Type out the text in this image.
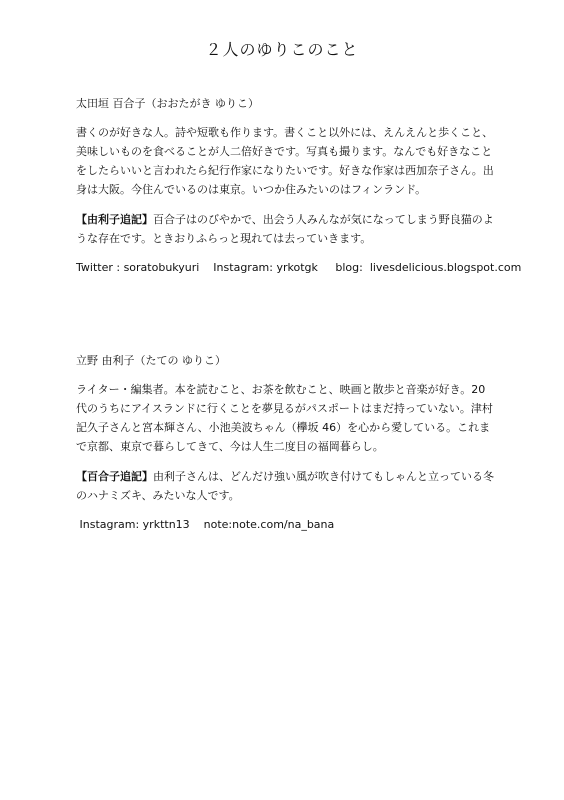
２人のゆりこのこと
太田垣 百合子（おおたがき ゆりこ）
書くのが好きな人。詩や短歌も作ります。書くこと以外には、えんえんと歩くこと、美味しいものを食べることが人二倍好きです。写真も撮ります。なんでも好きなことをしたらいいと言われたら紀行作家になりたいです。好きな作家は西加奈子さん。出身は大阪。今住んでいるのは東京。いつか住みたいのはフィンランド。
【由利子追記】百合子はのびやかで、出会う人みんなが気になってしまう野良猫のような存在です。ときおりふらっと現れては去っていきます。
Twitter : soratobukyuri    Instagram: yrkotgk     blog:  livesdelicious.blogspot.com
立野 由利子（たての ゆりこ）
ライター・編集者。本を読むこと、お茶を飲むこと、映画と散歩と音楽が好き。20 代のうちにアイスランドに行くことを夢見るがパスポートはまだ持っていない。津村記久子さんと宮本輝さん、小池美波ちゃん（欅坂 46）を心から愛している。これまで京都、東京で暮らしてきて、今は人生二度目の福岡暮らし。
【百合子追記】由利子さんは、どんだけ強い風が吹き付けてもしゃんと立っている冬のハナミズキ、みたいな人です。
Instagram: yrkttn13    note:note.com/na_bana
